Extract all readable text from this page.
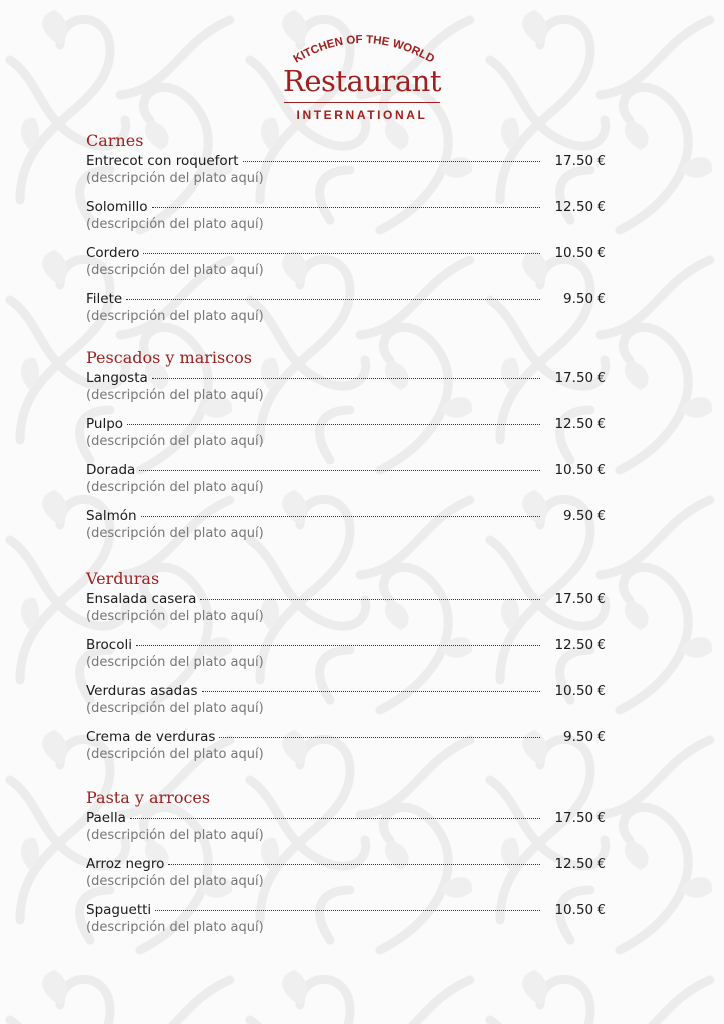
KITCHEN OF THE WORLD
Restaurant
INTERNATIONAL
Carnes
Entrecot con roquefort	17.50 €
(descripción del plato aquí)
Solomillo	12.50 €
(descripción del plato aquí)
Cordero	10.50 €
(descripción del plato aquí)
Filete	9.50 €
(descripción del plato aquí)
Pescados y mariscos
Langosta	17.50 €
(descripción del plato aquí)
Pulpo	12.50 €
(descripción del plato aquí)
Dorada	10.50 €
(descripción del plato aquí)
Salmón	9.50 €
(descripción del plato aquí)
Verduras
Ensalada casera	17.50 €
(descripción del plato aquí)
Brocoli	12.50 €
(descripción del plato aquí)
Verduras asadas	10.50 €
(descripción del plato aquí)
Crema de verduras	9.50 €
(descripción del plato aquí)
Pasta y arroces
Paella	17.50 €
(descripción del plato aquí)
Arroz negro	12.50 €
(descripción del plato aquí)
Spaguetti	10.50 €
(descripción del plato aquí)
